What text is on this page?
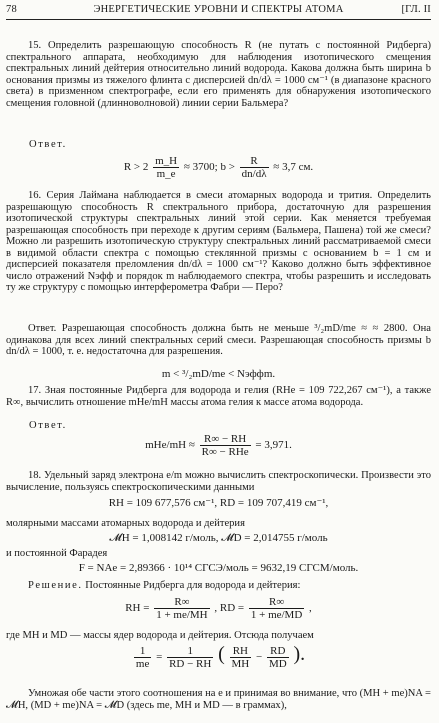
78	ЭНЕРГЕТИЧЕСКИЕ УРОВНИ И СПЕКТРЫ АТОМА	[ГЛ. II
15. Определить разрешающую способность R (не путать с постоянной Ридберга) спектрального аппарата, необходимую для наблюдения изотопического смещения спектральных линий дейтерия относительно линий водорода. Какова должна быть ширина b основания призмы из тяжелого флинта с дисперсией dn/dλ = 1000 см⁻¹ (в диапазоне красного света) в призменном спектрографе, если его применять для обнаружения изотопического смещения головной (длинноволновой) линии серии Бальмера?
Ответ.
$R > 2 \frac{m\_H}{m\_e} \approx 3700$; $b > \frac{R}{dn/d\lambda} \approx 3,7$ см.
16. Серия Лаймана наблюдается в смеси атомарных водорода и трития. Определить разрешающую способность R спектрального прибора, достаточную для разрешения изотопической структуры спектральных линий этой серии. Как меняется требуемая разрешающая способность при переходе к другим сериям (Бальмера, Пашена) той же смеси? Можно ли разрешить изотопическую структуру спектральных линий рассматриваемой смеси в видимой области спектра с помощью стеклянной призмы с основанием b = 1 см и дисперсией показателя преломления dn/dλ = 1000 см⁻¹? Каково должно быть эффективное число отражений Nэфф и порядок m наблюдаемого спектра, чтобы разрешить и исследовать ту же структуру с помощью интерферометра Фабри — Перо?
Ответ. Разрешающая способность должна быть не меньше ³/₂mD/me ≈ ≈ 2800. Она одинакова для всех линий спектральных серий смеси. Разрешающая способность призмы b dn/dλ = 1000, т. е. недостаточна для разрешения.
m < ³/₂mD/me < Nэффm.
17. Зная постоянные Ридберга для водорода и гелия (RHe = 109 722,267 см⁻¹), а также R∞, вычислить отношение mHe/mH массы атома гелия к массе атома водорода.
Ответ.
$mHe/mH \approx \frac{R\infty - RH}{\text{R∞ − RHe}} = 3,971$.
18. Удельный заряд электрона e/m можно вычислить спектроскопически. Произвести это вычисление, пользуясь спектроскопическими данными
RH = 109 677,576 см⁻¹, RD = 109 707,419 см⁻¹,
молярными массами атомарных водорода и дейтерия
𝓜H = 1,008142 г/моль, 𝓜D = 2,014755 г/моль
и постоянной Фарадея
F = NAe = 2,89366 · 10¹⁴ СГСЭ/моль = 9632,19 СГСМ/моль.
Решение. Постоянные Ридберга для водорода и дейтерия:
RH = $\frac{R\infty}{1 + me/MH}$ , RD = $\frac{R\infty}{1 + me/MD}$ ,
где MH и MD — массы ядер водорода и дейтерия. Отсюда получаем
$\frac{1}{me} = \frac{1}{RD - RH}$ ( $\frac{RH}{MH} - \frac{RD}{MD}$ ).
Умножая обе части этого соотношения на e и принимая во внимание, что (MH + me)NA = 𝓜H, (MD + me)NA = 𝓜D (здесь me, MH и MD — в граммах),
